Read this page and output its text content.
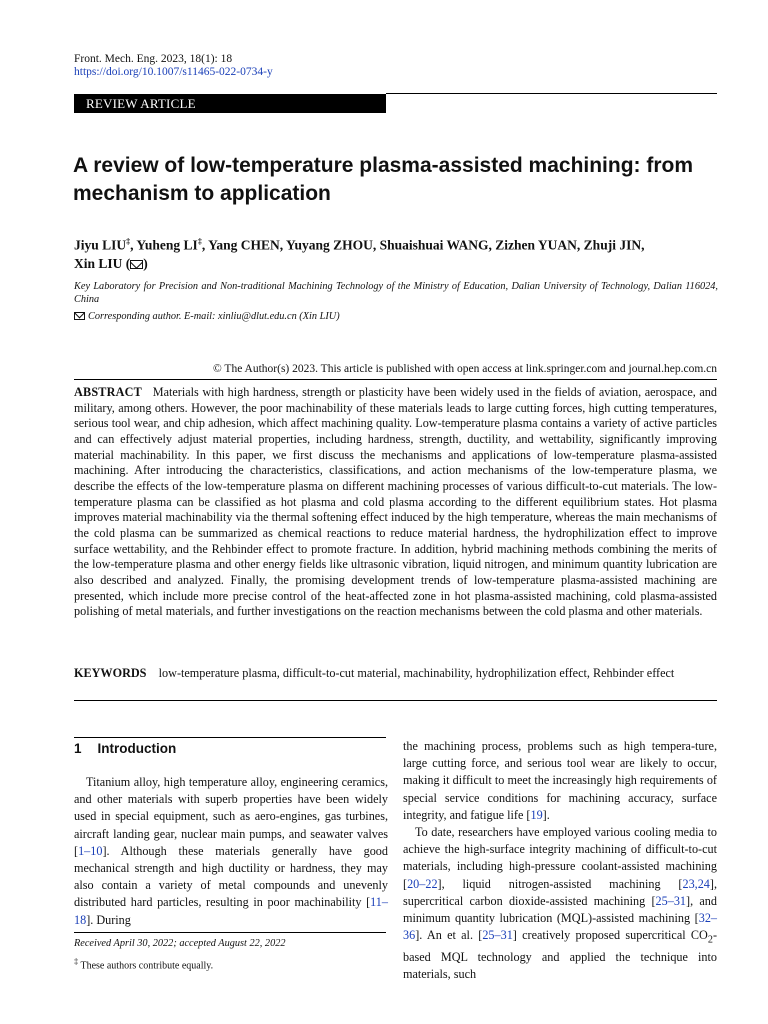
Front. Mech. Eng. 2023, 18(1): 18
https://doi.org/10.1007/s11465-022-0734-y
REVIEW ARTICLE
A review of low-temperature plasma-assisted machining: from mechanism to application
Jiyu LIU‡, Yuheng LI‡, Yang CHEN, Yuyang ZHOU, Shuaishuai WANG, Zizhen YUAN, Zhuji JIN,
Xin LIU ( )
Key Laboratory for Precision and Non-traditional Machining Technology of the Ministry of Education, Dalian University of Technology, Dalian 116024, China
Corresponding author. E-mail: xinliu@dlut.edu.cn (Xin LIU)
© The Author(s) 2023. This article is published with open access at link.springer.com and journal.hep.com.cn
ABSTRACT Materials with high hardness, strength or plasticity have been widely used in the fields of aviation, aerospace, and military, among others. However, the poor machinability of these materials leads to large cutting forces, high cutting temperatures, serious tool wear, and chip adhesion, which affect machining quality. Low-temperature plasma contains a variety of active particles and can effectively adjust material properties, including hardness, strength, ductility, and wettability, significantly improving material machinability. In this paper, we first discuss the mechanisms and applications of low-temperature plasma-assisted machining. After introducing the characteristics, classifications, and action mechanisms of the low-temperature plasma, we describe the effects of the low-temperature plasma on different machining processes of various difficult-to-cut materials. The low-temperature plasma can be classified as hot plasma and cold plasma according to the different equilibrium states. Hot plasma improves material machinability via the thermal softening effect induced by the high temperature, whereas the main mechanisms of the cold plasma can be summarized as chemical reactions to reduce material hardness, the hydrophilization effect to improve surface wettability, and the Rehbinder effect to promote fracture. In addition, hybrid machining methods combining the merits of the low-temperature plasma and other energy fields like ultrasonic vibration, liquid nitrogen, and minimum quantity lubrication are also described and analyzed. Finally, the promising development trends of low-temperature plasma-assisted machining are presented, which include more precise control of the heat-affected zone in hot plasma-assisted machining, cold plasma-assisted polishing of metal materials, and further investigations on the reaction mechanisms between the cold plasma and other materials.
KEYWORDS low-temperature plasma, difficult-to-cut material, machinability, hydrophilization effect, Rehbinder effect
1 Introduction

Titanium alloy, high temperature alloy, engineering ceramics, and other materials with superb properties have been widely used in special equipment, such as aero-engines, gas turbines, aircraft landing gear, nuclear main pumps, and seawater valves [1–10]. Although these materials generally have good mechanical strength and high ductility or hardness, they may also contain a variety of metal compounds and unevenly distributed hard particles, resulting in poor machinability [11–18]. During

the machining process, problems such as high tempera-ture, large cutting force, and serious tool wear are likely to occur, making it difficult to meet the increasingly high requirements of special service conditions for machining accuracy, surface integrity, and fatigue life [19].

To date, researchers have employed various cooling media to achieve the high-surface integrity machining of difficult-to-cut materials, including high-pressure coolant-assisted machining [20–22], liquid nitrogen-assisted machining [23,24], supercritical carbon dioxide-assisted machining [25–31], and minimum quantity lubrication (MQL)-assisted machining [32–36]. An et al. [25–31] creatively proposed supercritical $CO_2$-based MQL technology and applied the technique into materials, such

Received April 30, 2022; accepted August 22, 2022
‡ These authors contribute equally.
